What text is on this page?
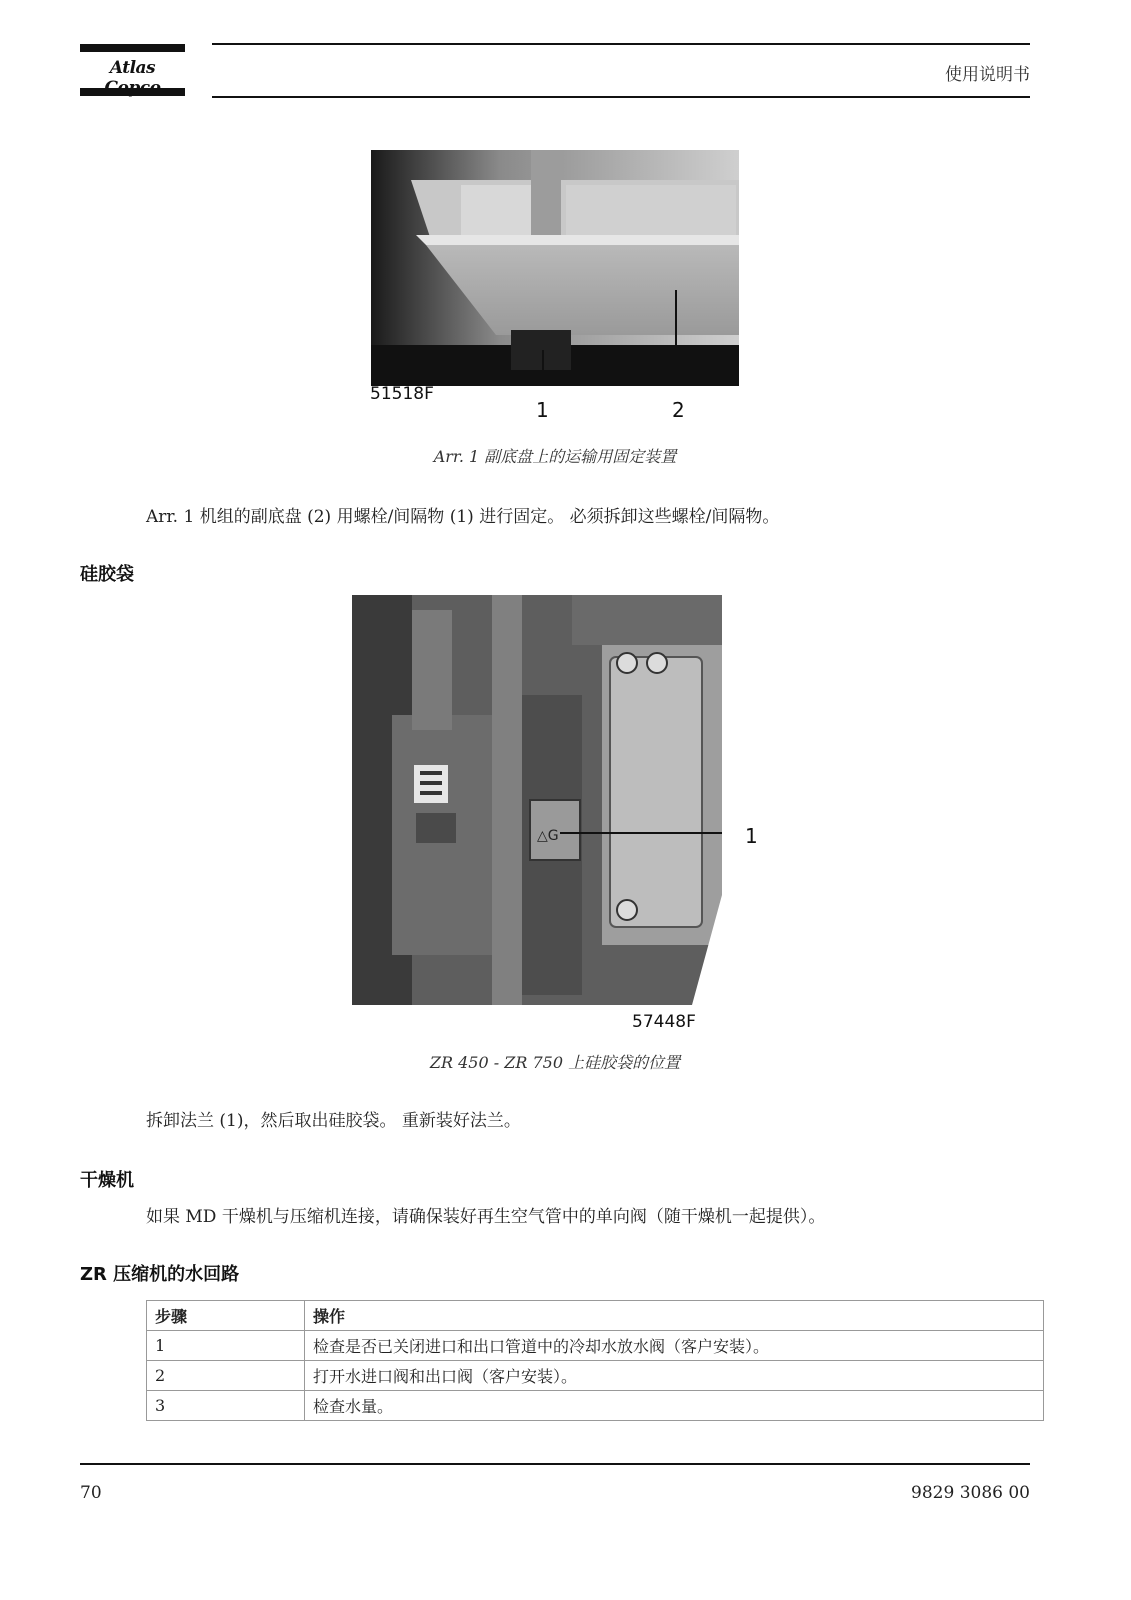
Atlas	使用说明书
51518F
1	2
Arr. 1 副底盘上的运输用固定装置
Arr. 1 机组的副底盘 (2) 用螺栓/间隔物 (1) 进行固定。 必须拆卸这些螺栓/间隔物。
硅胶袋
△G	1
57448F
ZR 450 - ZR 750 上硅胶袋的位置
拆卸法兰 (1)，然后取出硅胶袋。 重新装好法兰。
干燥机
如果 MD 干燥机与压缩机连接，请确保装好再生空气管中的单向阀（随干燥机一起提供）。
ZR 压缩机的水回路
步骤	操作
1	检查是否已关闭进口和出口管道中的冷却水放水阀（客户安装）。
2	打开水进口阀和出口阀（客户安装）。
3	检查水量。
70	9829 3086 00
